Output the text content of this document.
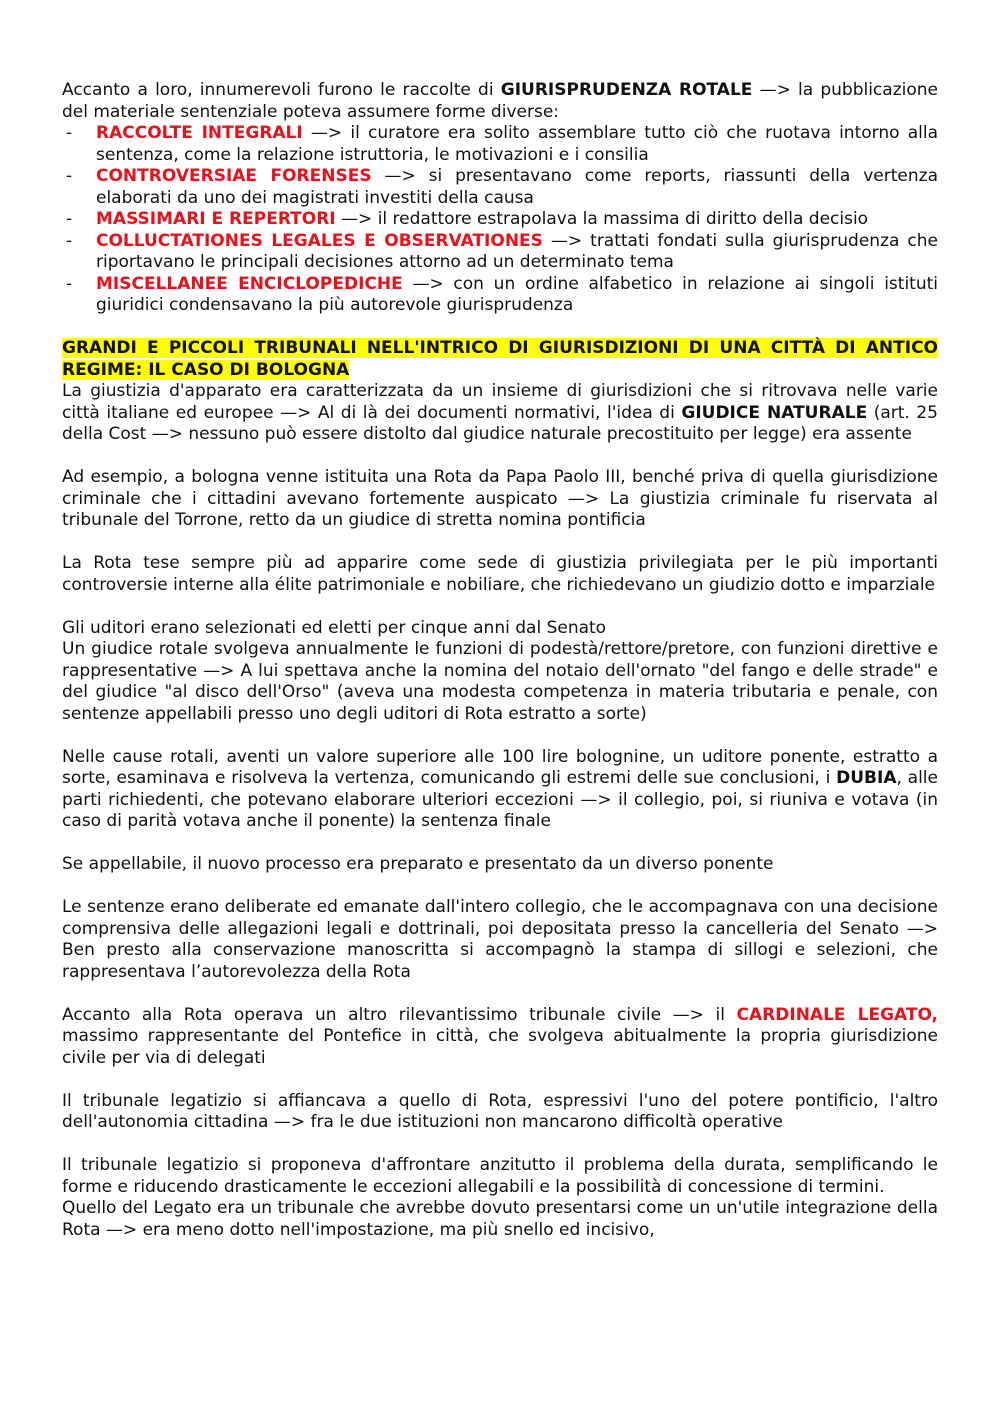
Accanto a loro, innumerevoli furono le raccolte di GIURISPRUDENZA ROTALE —> la pubblicazione del materiale sentenziale poteva assumere forme diverse:

- RACCOLTE INTEGRALI —> il curatore era solito assemblare tutto ciò che ruotava intorno alla sentenza, come la relazione istruttoria, le motivazioni e i consilia
- CONTROVERSIAE FORENSES —> si presentavano come reports, riassunti della vertenza elaborati da uno dei magistrati investiti della causa
- MASSIMARI E REPERTORI —> il redattore estrapolava la massima di diritto della decisio
- COLLUCTATIONES LEGALES E OBSERVATIONES —> trattati fondati sulla giurisprudenza che riportavano le principali decisiones attorno ad un determinato tema
- MISCELLANEE ENCICLOPEDICHE —> con un ordine alfabetico in relazione ai singoli istituti giuridici condensavano la più autorevole giurisprudenza

GRANDI E PICCOLI TRIBUNALI NELL'INTRICO DI GIURISDIZIONI DI UNA CITTÀ DI ANTICO REGIME: IL CASO DI BOLOGNA

La giustizia d'apparato era caratterizzata da un insieme di giurisdizioni che si ritrovava nelle varie città italiane ed europee —> Al di là dei documenti normativi, l'idea di GIUDICE NATURALE (art. 25 della Cost —> nessuno può essere distolto dal giudice naturale precostituito per legge) era assente

Ad esempio, a bologna venne istituita una Rota da Papa Paolo III, benché priva di quella giurisdizione criminale che i cittadini avevano fortemente auspicato —> La giustizia criminale fu riservata al tribunale del Torrone, retto da un giudice di stretta nomina pontificia

La Rota tese sempre più ad apparire come sede di giustizia privilegiata per le più importanti controversie interne alla élite patrimoniale e nobiliare, che richiedevano un giudizio dotto e imparziale

Gli uditori erano selezionati ed eletti per cinque anni dal Senato

Un giudice rotale svolgeva annualmente le funzioni di podestà/rettore/pretore, con funzioni direttive e rappresentative —> A lui spettava anche la nomina del notaio dell'ornato "del fango e delle strade" e del giudice "al disco dell'Orso" (aveva una modesta competenza in materia tributaria e penale, con sentenze appellabili presso uno degli uditori di Rota estratto a sorte)

Nelle cause rotali, aventi un valore superiore alle 100 lire bolognine, un uditore ponente, estratto a sorte, esaminava e risolveva la vertenza, comunicando gli estremi delle sue conclusioni, i DUBIA, alle parti richiedenti, che potevano elaborare ulteriori eccezioni —> il collegio, poi, si riuniva e votava (in caso di parità votava anche il ponente) la sentenza finale

Se appellabile, il nuovo processo era preparato e presentato da un diverso ponente

Le sentenze erano deliberate ed emanate dall'intero collegio, che le accompagnava con una decisione comprensiva delle allegazioni legali e dottrinali, poi depositata presso la cancelleria del Senato —> Ben presto alla conservazione manoscritta si accompagnò la stampa di sillogi e selezioni, che rappresentava l’autorevolezza della Rota

Accanto alla Rota operava un altro rilevantissimo tribunale civile —> il CARDINALE LEGATO, massimo rappresentante del Pontefice in città, che svolgeva abitualmente la propria giurisdizione civile per via di delegati

Il tribunale legatizio si affiancava a quello di Rota, espressivi l'uno del potere pontificio, l'altro dell'autonomia cittadina —> fra le due istituzioni non mancarono difficoltà operative

Il tribunale legatizio si proponeva d'affrontare anzitutto il problema della durata, semplificando le forme e riducendo drasticamente le eccezioni allegabili e la possibilità di concessione di termini.

Quello del Legato era un tribunale che avrebbe dovuto presentarsi come un un'utile integrazione della Rota —> era meno dotto nell'impostazione, ma più snello ed incisivo,
